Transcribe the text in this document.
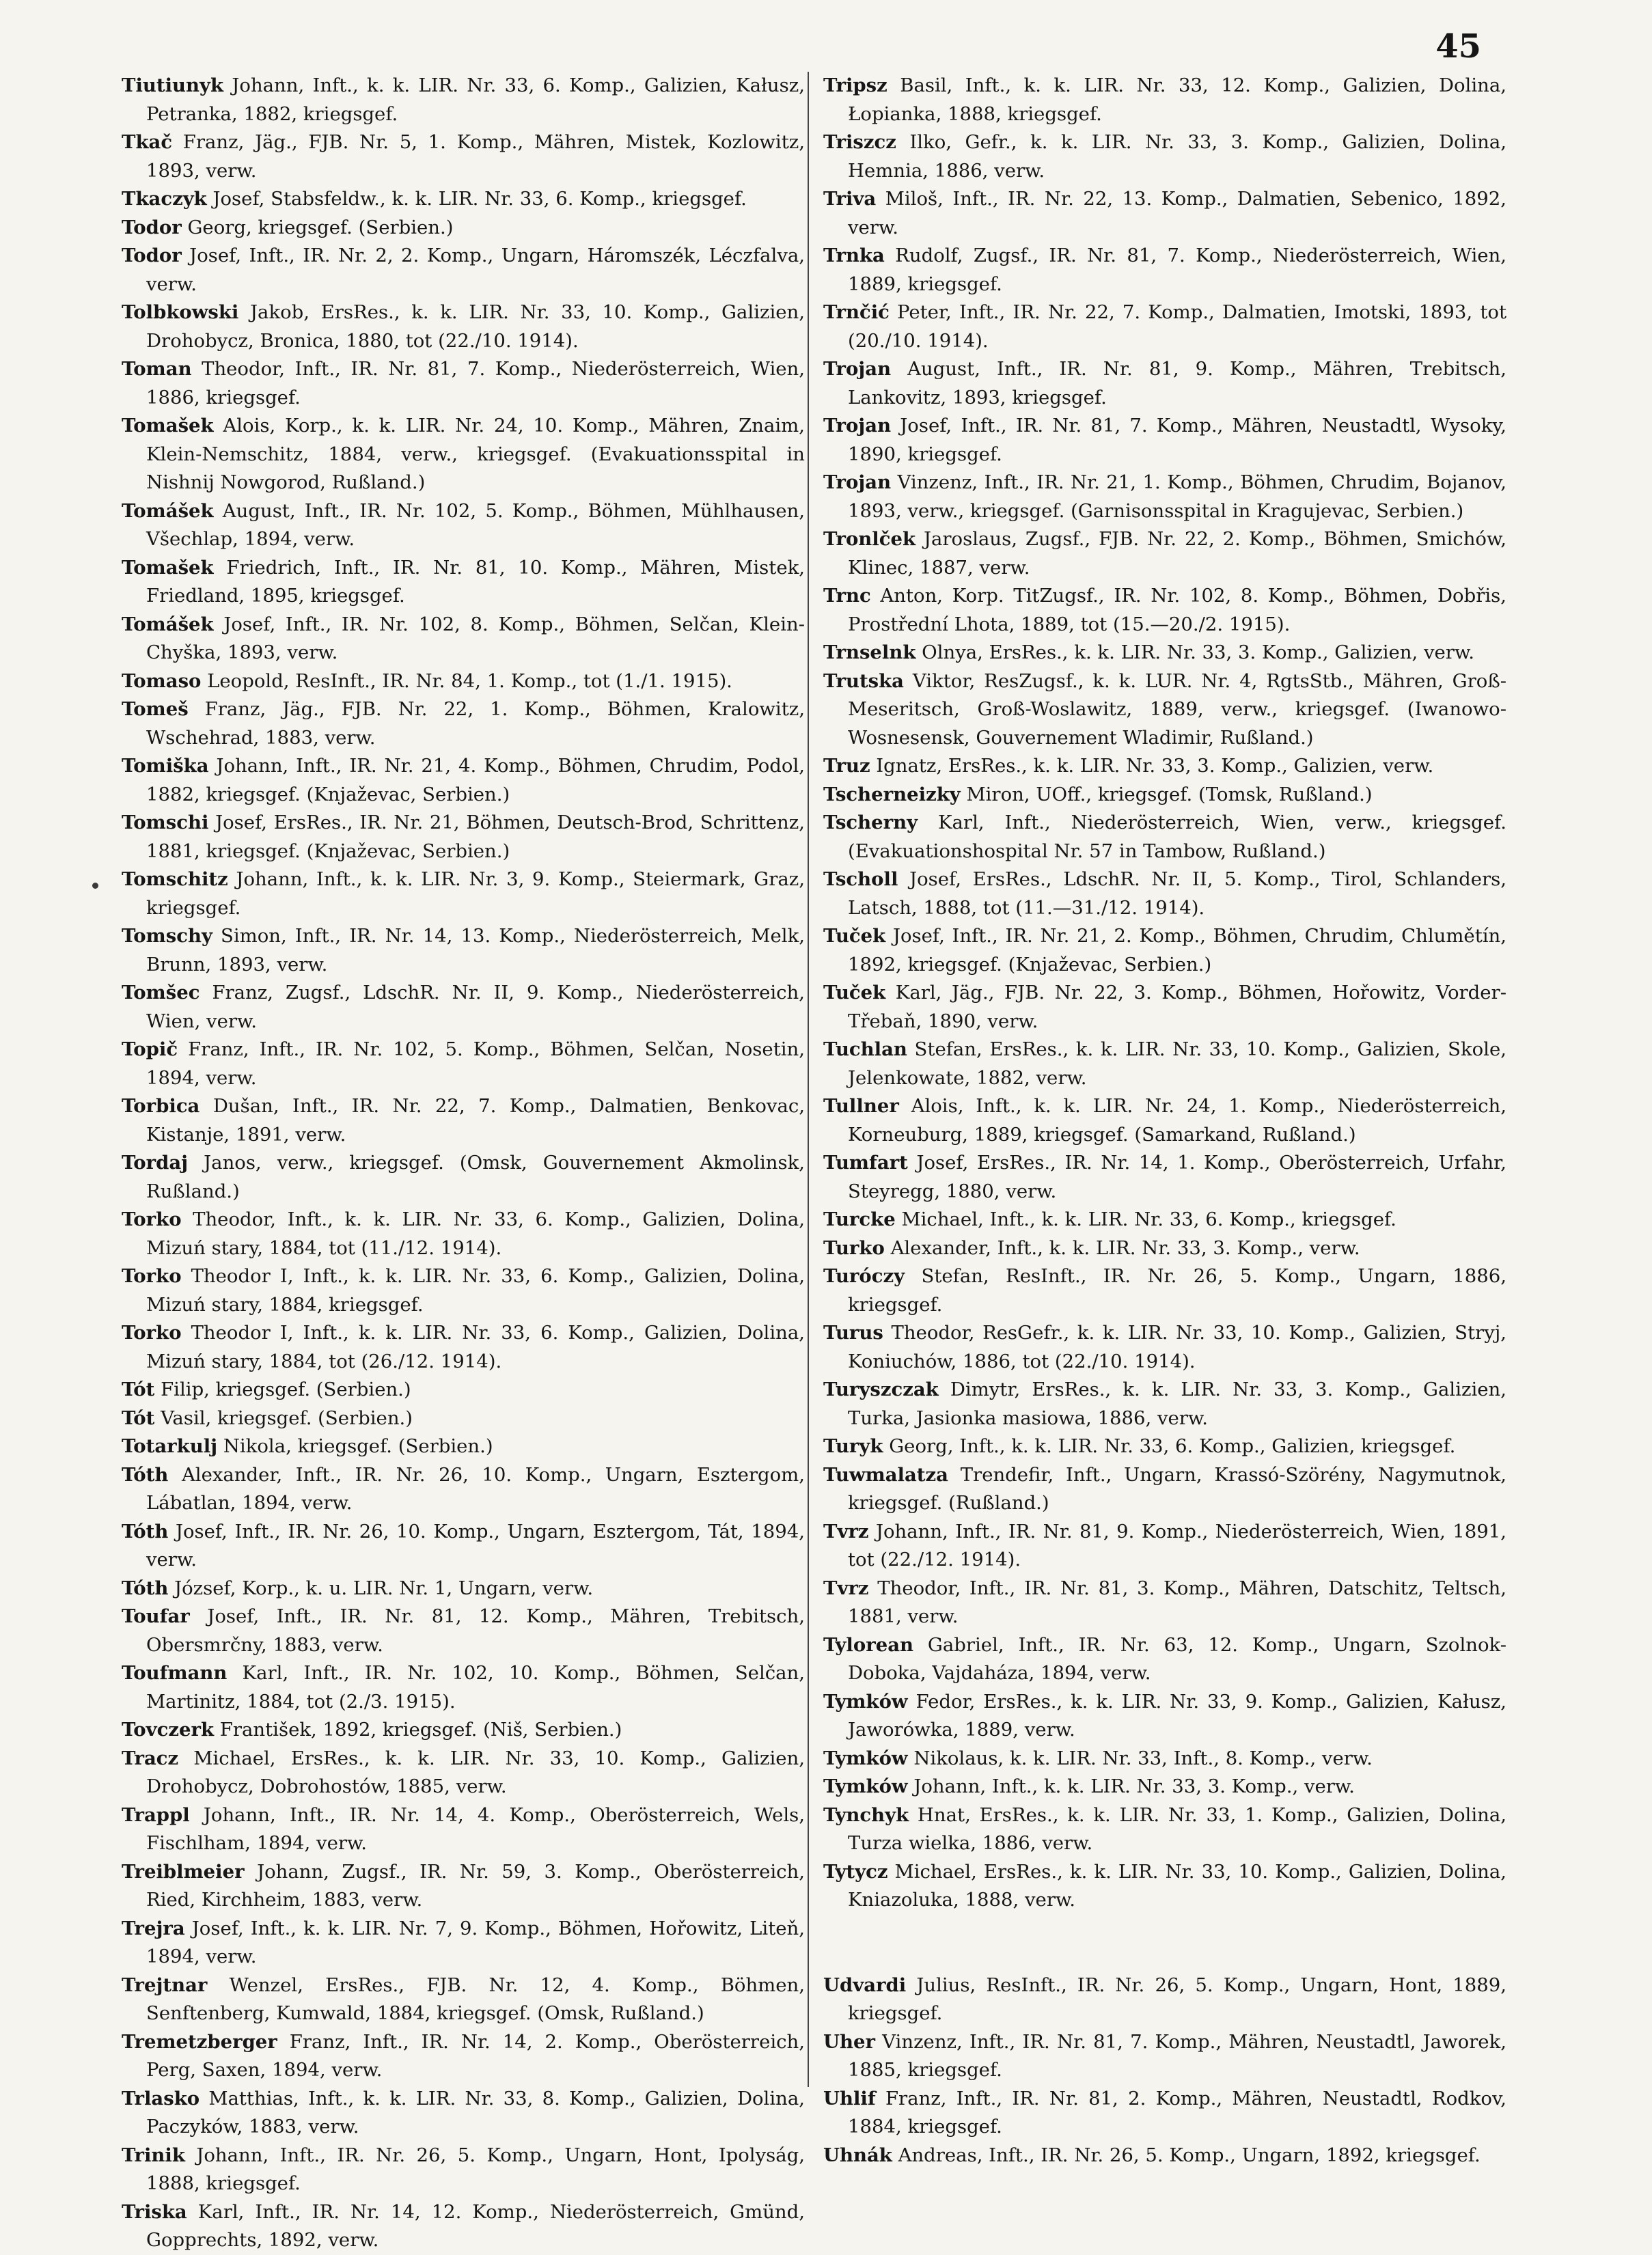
45
Tiutiunyk Johann, Inft., k. k. LIR. Nr. 33, 6. Komp., Galizien, Kałusz, Petranka, 1882, kriegsgef.
Tkač Franz, Jäg., FJB. Nr. 5, 1. Komp., Mähren, Mistek, Kozlowitz, 1893, verw.
Tkaczyk Josef, Stabsfeldw., k. k. LIR. Nr. 33, 6. Komp., kriegsgef.
Todor Georg, kriegsgef. (Serbien.)
Todor Josef, Inft., IR. Nr. 2, 2. Komp., Ungarn, Háromszék, Léczfalva, verw.
Tolbkowski Jakob, ErsRes., k. k. LIR. Nr. 33, 10. Komp., Galizien, Drohobycz, Bronica, 1880, tot (22./10. 1914).
Toman Theodor, Inft., IR. Nr. 81, 7. Komp., Niederösterreich, Wien, 1886, kriegsgef.
Tomašek Alois, Korp., k. k. LIR. Nr. 24, 10. Komp., Mähren, Znaim, Klein-Nemschitz, 1884, verw., kriegsgef. (Evakuationsspital in Nishnij Nowgorod, Rußland.)
Tomášek August, Inft., IR. Nr. 102, 5. Komp., Böhmen, Mühlhausen, Všechlap, 1894, verw.
Tomašek Friedrich, Inft., IR. Nr. 81, 10. Komp., Mähren, Mistek, Friedland, 1895, kriegsgef.
Tomášek Josef, Inft., IR. Nr. 102, 8. Komp., Böhmen, Selčan, Klein-Chyška, 1893, verw.
Tomaso Leopold, ResInft., IR. Nr. 84, 1. Komp., tot (1./1. 1915).
Tomeš Franz, Jäg., FJB. Nr. 22, 1. Komp., Böhmen, Kralowitz, Wschehrad, 1883, verw.
Tomiška Johann, Inft., IR. Nr. 21, 4. Komp., Böhmen, Chrudim, Podol, 1882, kriegsgef. (Knjaževac, Serbien.)
Tomschi Josef, ErsRes., IR. Nr. 21, Böhmen, Deutsch-Brod, Schrittenz, 1881, kriegsgef. (Knjaževac, Serbien.)
Tomschitz Johann, Inft., k. k. LIR. Nr. 3, 9. Komp., Steiermark, Graz, kriegsgef.
Tomschy Simon, Inft., IR. Nr. 14, 13. Komp., Niederösterreich, Melk, Brunn, 1893, verw.
Tomšec Franz, Zugsf., LdschR. Nr. II, 9. Komp., Niederösterreich, Wien, verw.
Topič Franz, Inft., IR. Nr. 102, 5. Komp., Böhmen, Selčan, Nosetin, 1894, verw.
Torbica Dušan, Inft., IR. Nr. 22, 7. Komp., Dalmatien, Benkovac, Kistanje, 1891, verw.
Tordaj Janos, verw., kriegsgef. (Omsk, Gouvernement Akmolinsk, Rußland.)
Torko Theodor, Inft., k. k. LIR. Nr. 33, 6. Komp., Galizien, Dolina, Mizuń stary, 1884, tot (11./12. 1914).
Torko Theodor I, Inft., k. k. LIR. Nr. 33, 6. Komp., Galizien, Dolina, Mizuń stary, 1884, kriegsgef.
Torko Theodor I, Inft., k. k. LIR. Nr. 33, 6. Komp., Galizien, Dolina, Mizuń stary, 1884, tot (26./12. 1914).
Tót Filip, kriegsgef. (Serbien.)
Tót Vasil, kriegsgef. (Serbien.)
Totarkulj Nikola, kriegsgef. (Serbien.)
Tóth Alexander, Inft., IR. Nr. 26, 10. Komp., Ungarn, Esztergom, Lábatlan, 1894, verw.
Tóth Josef, Inft., IR. Nr. 26, 10. Komp., Ungarn, Esztergom, Tát, 1894, verw.
Tóth József, Korp., k. u. LIR. Nr. 1, Ungarn, verw.
Toufar Josef, Inft., IR. Nr. 81, 12. Komp., Mähren, Trebitsch, Obersmrčny, 1883, verw.
Toufmann Karl, Inft., IR. Nr. 102, 10. Komp., Böhmen, Selčan, Martinitz, 1884, tot (2./3. 1915).
Tovczerk František, 1892, kriegsgef. (Niš, Serbien.)
Tracz Michael, ErsRes., k. k. LIR. Nr. 33, 10. Komp., Galizien, Drohobycz, Dobrohostów, 1885, verw.
Trappl Johann, Inft., IR. Nr. 14, 4. Komp., Oberösterreich, Wels, Fischlham, 1894, verw.
Treiblmeier Johann, Zugsf., IR. Nr. 59, 3. Komp., Oberösterreich, Ried, Kirchheim, 1883, verw.
Trejra Josef, Inft., k. k. LIR. Nr. 7, 9. Komp., Böhmen, Hořowitz, Liteň, 1894, verw.
Trejtnar Wenzel, ErsRes., FJB. Nr. 12, 4. Komp., Böhmen, Senftenberg, Kumwald, 1884, kriegsgef. (Omsk, Rußland.)
Tremetzberger Franz, Inft., IR. Nr. 14, 2. Komp., Oberösterreich, Perg, Saxen, 1894, verw.
Trlasko Matthias, Inft., k. k. LIR. Nr. 33, 8. Komp., Galizien, Dolina, Paczyków, 1883, verw.
Trinik Johann, Inft., IR. Nr. 26, 5. Komp., Ungarn, Hont, Ipolyság, 1888, kriegsgef.
Triska Karl, Inft., IR. Nr. 14, 12. Komp., Niederösterreich, Gmünd, Gopprechts, 1892, verw.
Tripsz Basil, Inft., k. k. LIR. Nr. 33, 12. Komp., Galizien, Dolina, Łopianka, 1888, kriegsgef.
Triszcz Ilko, Gefr., k. k. LIR. Nr. 33, 3. Komp., Galizien, Dolina, Hemnia, 1886, verw.
Triva Miloš, Inft., IR. Nr. 22, 13. Komp., Dalmatien, Sebenico, 1892, verw.
Trnka Rudolf, Zugsf., IR. Nr. 81, 7. Komp., Niederösterreich, Wien, 1889, kriegsgef.
Trnčić Peter, Inft., IR. Nr. 22, 7. Komp., Dalmatien, Imotski, 1893, tot (20./10. 1914).
Trojan August, Inft., IR. Nr. 81, 9. Komp., Mähren, Trebitsch, Lankovitz, 1893, kriegsgef.
Trojan Josef, Inft., IR. Nr. 81, 7. Komp., Mähren, Neustadtl, Wysoky, 1890, kriegsgef.
Trojan Vinzenz, Inft., IR. Nr. 21, 1. Komp., Böhmen, Chrudim, Bojanov, 1893, verw., kriegsgef. (Garnisonsspital in Kragujevac, Serbien.)
Tronlček Jaroslaus, Zugsf., FJB. Nr. 22, 2. Komp., Böhmen, Smichów, Klinec, 1887, verw.
Trnc Anton, Korp. TitZugsf., IR. Nr. 102, 8. Komp., Böhmen, Dobřis, Prostřední Lhota, 1889, tot (15.—20./2. 1915).
Trnselnk Olnya, ErsRes., k. k. LIR. Nr. 33, 3. Komp., Galizien, verw.
Trutska Viktor, ResZugsf., k. k. LUR. Nr. 4, RgtsStb., Mähren, Groß-Meseritsch, Groß-Woslawitz, 1889, verw., kriegsgef. (Iwanowo-Wosnesensk, Gouvernement Wladimir, Rußland.)
Truz Ignatz, ErsRes., k. k. LIR. Nr. 33, 3. Komp., Galizien, verw.
Tscherneizky Miron, UOff., kriegsgef. (Tomsk, Rußland.)
Tscherny Karl, Inft., Niederösterreich, Wien, verw., kriegsgef. (Evakuationshospital Nr. 57 in Tambow, Rußland.)
Tscholl Josef, ErsRes., LdschR. Nr. II, 5. Komp., Tirol, Schlanders, Latsch, 1888, tot (11.—31./12. 1914).
Tuček Josef, Inft., IR. Nr. 21, 2. Komp., Böhmen, Chrudim, Chlumětín, 1892, kriegsgef. (Knjaževac, Serbien.)
Tuček Karl, Jäg., FJB. Nr. 22, 3. Komp., Böhmen, Hořowitz, Vorder-Třebaň, 1890, verw.
Tuchlan Stefan, ErsRes., k. k. LIR. Nr. 33, 10. Komp., Galizien, Skole, Jelenkowate, 1882, verw.
Tullner Alois, Inft., k. k. LIR. Nr. 24, 1. Komp., Niederösterreich, Korneuburg, 1889, kriegsgef. (Samarkand, Rußland.)
Tumfart Josef, ErsRes., IR. Nr. 14, 1. Komp., Oberösterreich, Urfahr, Steyregg, 1880, verw.
Turcke Michael, Inft., k. k. LIR. Nr. 33, 6. Komp., kriegsgef.
Turko Alexander, Inft., k. k. LIR. Nr. 33, 3. Komp., verw.
Turóczy Stefan, ResInft., IR. Nr. 26, 5. Komp., Ungarn, 1886, kriegsgef.
Turus Theodor, ResGefr., k. k. LIR. Nr. 33, 10. Komp., Galizien, Stryj, Koniuchów, 1886, tot (22./10. 1914).
Turyszczak Dimytr, ErsRes., k. k. LIR. Nr. 33, 3. Komp., Galizien, Turka, Jasionka masiowa, 1886, verw.
Turyk Georg, Inft., k. k. LIR. Nr. 33, 6. Komp., Galizien, kriegsgef.
Tuwmalatza Trendefir, Inft., Ungarn, Krassó-Szörény, Nagymutnok, kriegsgef. (Rußland.)
Tvrz Johann, Inft., IR. Nr. 81, 9. Komp., Niederösterreich, Wien, 1891, tot (22./12. 1914).
Tvrz Theodor, Inft., IR. Nr. 81, 3. Komp., Mähren, Datschitz, Teltsch, 1881, verw.
Tylorean Gabriel, Inft., IR. Nr. 63, 12. Komp., Ungarn, Szolnok-Doboka, Vajdaháza, 1894, verw.
Tymków Fedor, ErsRes., k. k. LIR. Nr. 33, 9. Komp., Galizien, Kałusz, Jaworówka, 1889, verw.
Tymków Nikolaus, k. k. LIR. Nr. 33, Inft., 8. Komp., verw.
Tymków Johann, Inft., k. k. LIR. Nr. 33, 3. Komp., verw.
Tynchyk Hnat, ErsRes., k. k. LIR. Nr. 33, 1. Komp., Galizien, Dolina, Turza wielka, 1886, verw.
Tytycz Michael, ErsRes., k. k. LIR. Nr. 33, 10. Komp., Galizien, Dolina, Kniazoluka, 1888, verw.
Udvardi Julius, ResInft., IR. Nr. 26, 5. Komp., Ungarn, Hont, 1889, kriegsgef.
Uher Vinzenz, Inft., IR. Nr. 81, 7. Komp., Mähren, Neustadtl, Jaworek, 1885, kriegsgef.
Uhlif Franz, Inft., IR. Nr. 81, 2. Komp., Mähren, Neustadtl, Rodkov, 1884, kriegsgef.
Uhnák Andreas, Inft., IR. Nr. 26, 5. Komp., Ungarn, 1892, kriegsgef.
